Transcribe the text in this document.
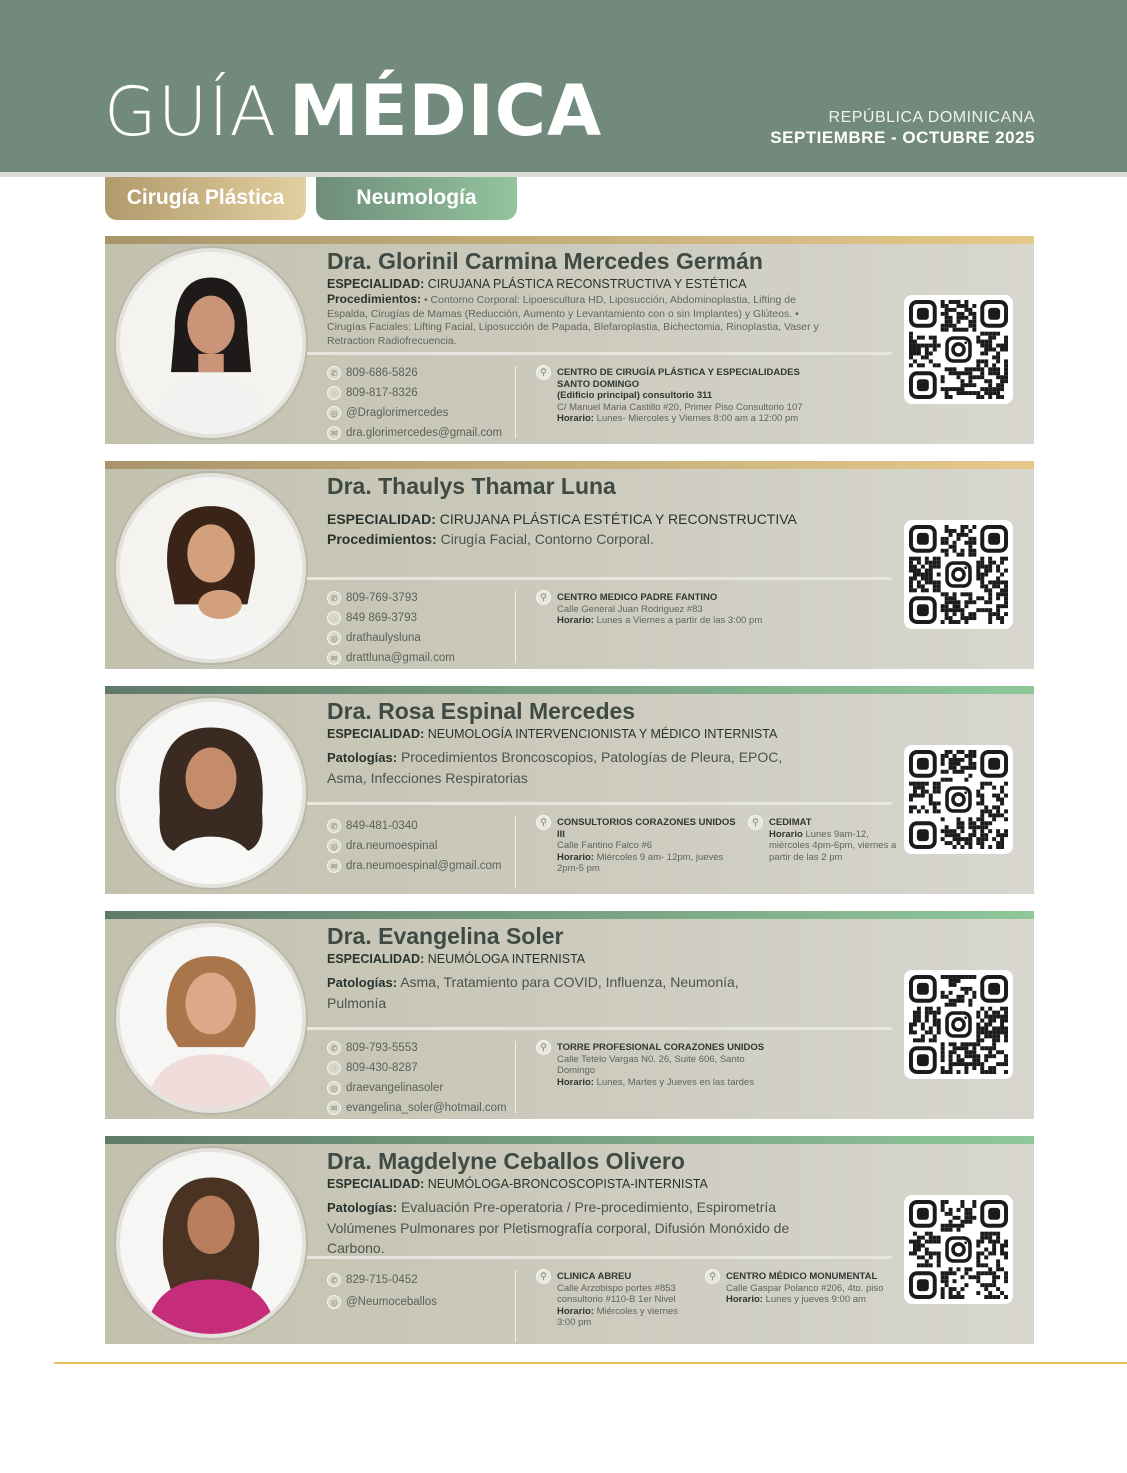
GUÍA MÉDICA	REPÚBLICA DOMINICANA
SEPTIEMBRE - OCTUBRE 2025
Cirugía Plástica	Neumología
Dra. Glorinil Carmina Mercedes Germán
ESPECIALIDAD: CIRUJANA PLÁSTICA RECONSTRUCTIVA Y ESTÉTICA
Procedimientos: • Contorno Corporal: Lipoescultura HD, Liposucción, Abdominoplastia, Lifting de Espalda, Cirugías de Mamas (Reducción, Aumento y Levantamiento con o sin Implantes) y Glúteos. • Cirugías Faciales: Lifting Facial, Liposucción de Papada, Blefaroplastia, Bichectomia, Rinoplastia, Vaser y Retraction Radiofrecuencia.
✆ 809-686-5826
◌ 809-817-8326
◎ @Draglorimercedes
✉ dra.glorimercedes@gmail.com
⚲	CENTRO DE CIRUGÍA PLÁSTICA Y ESPECIALIDADES SANTO DOMINGO
(Edificio principal) consultorio 311
C/ Manuel Maria Castillo #20, Primer Piso Consultorio 107
Horario: Lunes- Miercoles y Viernes 8:00 am a 12:00 pm
Dra. Thaulys Thamar Luna
ESPECIALIDAD: CIRUJANA PLÁSTICA ESTÉTICA Y RECONSTRUCTIVA
Procedimientos: Cirugía Facial, Contorno Corporal.
✆ 809-769-3793
◌ 849 869-3793
◎ drathaulysluna
✉ drattluna@gmail.com
⚲	CENTRO MEDICO PADRE FANTINO
Calle General Juan Rodriguez #83
Horario: Lunes a Viernes a partir de las 3:00 pm
Dra. Rosa Espinal Mercedes
ESPECIALIDAD: NEUMOLOGÍA INTERVENCIONISTA Y MÉDICO INTERNISTA
Patologías: Procedimientos Broncoscopios, Patologías de Pleura, EPOC, Asma, Infecciones Respiratorias
✆ 849-481-0340
◎ dra.neumoespinal
✉ dra.neumoespinal@gmail.com
⚲	CONSULTORIOS CORAZONES UNIDOS III
Calle Fantino Falco #6
Horario: Miércoles 9 am- 12pm, jueves 2pm-5 pm
⚲	CEDIMAT
Horario Lunes 9am-12, miércoles 4pm-6pm, viernes a partir de las 2 pm
Dra. Evangelina Soler
ESPECIALIDAD: NEUMÓLOGA INTERNISTA
Patologías: Asma, Tratamiento para COVID, Influenza, Neumonía, Pulmonía
✆ 809-793-5553
◌ 809-430-8287
◎ draevangelinasoler
✉ evangelina_soler@hotmail.com
⚲	TORRE PROFESIONAL CORAZONES UNIDOS
Calle Tetelo Vargas N0. 26, Suite 606, Santo Domingo
Horario: Lunes, Martes y Jueves en las tardes
Dra. Magdelyne Ceballos Olivero
ESPECIALIDAD: NEUMÓLOGA-BRONCOSCOPISTA-INTERNISTA
Patologías: Evaluación Pre-operatoria / Pre-procedimiento, Espirometría Volúmenes Pulmonares por Pletismografía corporal, Difusión Monóxido de Carbono.
✆ 829-715-0452
◎ @Neumoceballos
⚲	CLINICA ABREU
Calle Arzobispo portes #853 consultorio #110-B 1er Nivel
Horario: Miércoles y viernes 3:00 pm
⚲	CENTRO MÉDICO MONUMENTAL
Calle Gaspar Polanco #206, 4to. piso
Horario: Lunes y jueves 9:00 am
